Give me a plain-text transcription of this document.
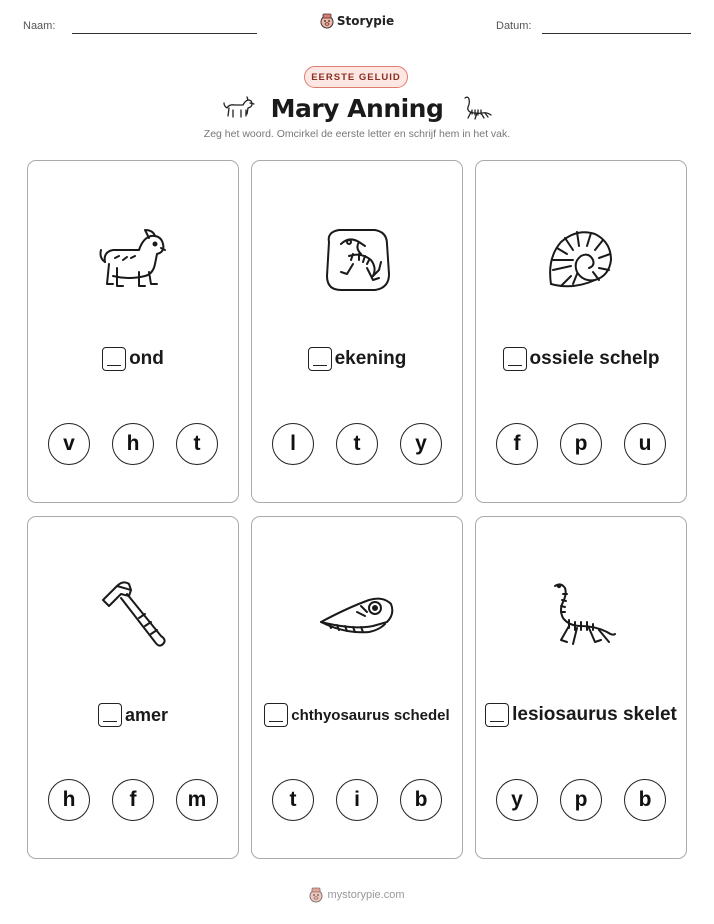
Naam:	Storypie	Datum:
EERSTE GELUID
Mary Anning
Zeg het woord. Omcirkel de eerste letter en schrijf hem in het vak.
ond
v	h	t
ekening
l	t	y
ossiele schelp
f	p	u
amer
h	f	m
chthyosaurus schedel
t	i	b
lesiosaurus skelet
y	p	b
mystorypie.com
